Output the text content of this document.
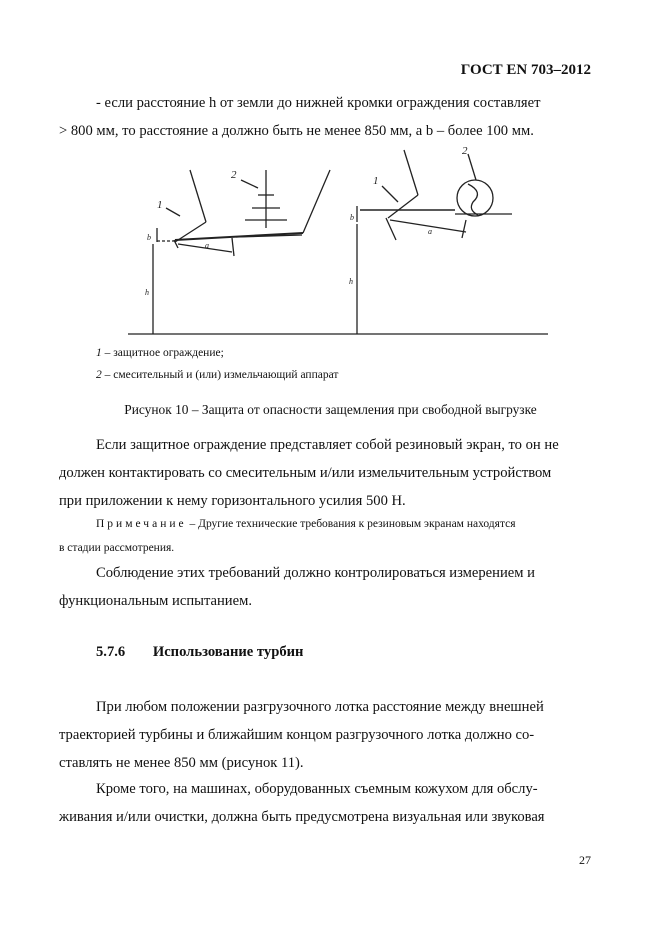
ГОСТ EN 703–2012
- если расстояние h от земли до нижней кромки ограждения составляет
> 800 мм, то расстояние a должно быть не менее 850 мм, а b – более 100 мм.
1
2
b
a
h
1
2
b
a
h
1 – защитное ограждение;
2 – смесительный и (или) измельчающий аппарат
Рисунок 10 – Защита от опасности защемления при свободной выгрузке
Если защитное ограждение представляет собой резиновый экран, то он не
должен контактировать со смесительным и/или измельчительным устройством
при приложении к нему горизонтального усилия 500 Н.
Примечание – Другие технические требования к резиновым экранам находятся
в стадии рассмотрения.
Соблюдение этих требований должно контролироваться измерением и
функциональным испытанием.
5.7.6 Использование турбин
При любом положении разгрузочного лотка расстояние между внешней
траекторией турбины и ближайшим концом разгрузочного лотка должно со-
ставлять не менее 850 мм (рисунок 11).
Кроме того, на машинах, оборудованных съемным кожухом для обслу-
живания и/или очистки, должна быть предусмотрена визуальная или звуковая
27
